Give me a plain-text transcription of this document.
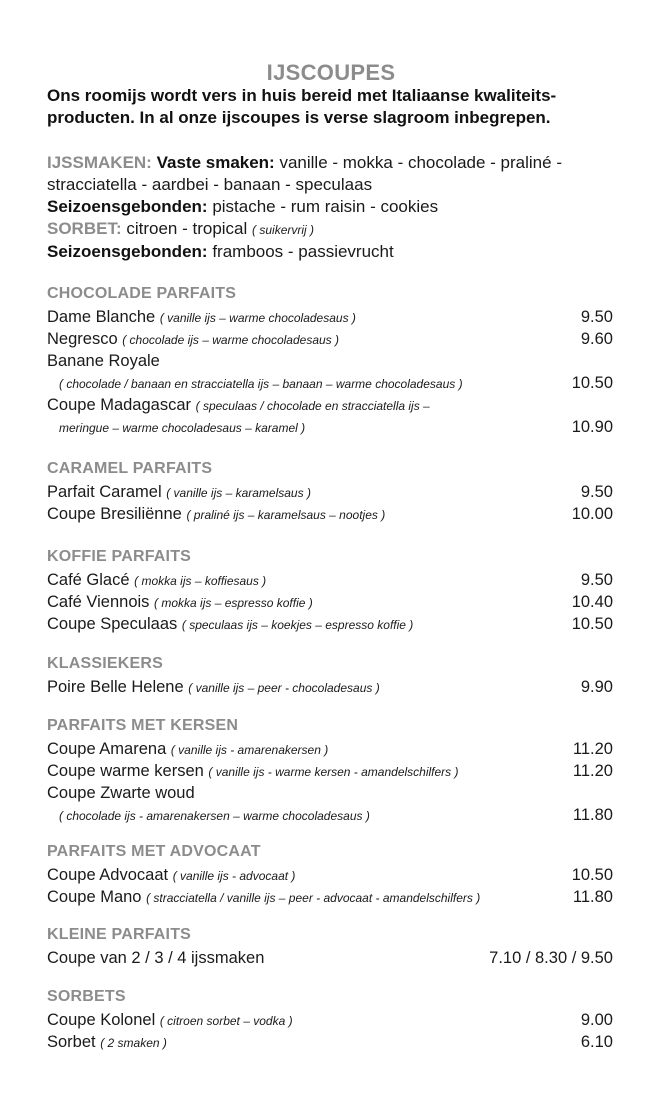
IJSCOUPES
Ons roomijs wordt vers in huis bereid met Italiaanse kwaliteits-
producten. In al onze ijscoupes is verse slagroom inbegrepen.
IJSSMAKEN: Vaste smaken: vanille - mokka - chocolade - praliné -
stracciatella - aardbei - banaan - speculaas
Seizoensgebonden: pistache - rum raisin - cookies
SORBET: citroen - tropical ( suikervrij )
Seizoensgebonden: framboos - passievrucht
CHOCOLADE PARFAITS
Dame Blanche ( vanille ijs – warme chocoladesaus )	9.50
Negresco ( chocolade ijs – warme chocoladesaus )	9.60
Banane Royale
( chocolade / banaan en stracciatella ijs – banaan – warme chocoladesaus )	10.50
Coupe Madagascar ( speculaas / chocolade en stracciatella ijs –
meringue – warme chocoladesaus – karamel )	10.90
CARAMEL PARFAITS
Parfait Caramel ( vanille ijs – karamelsaus )	9.50
Coupe Bresiliënne ( praliné ijs – karamelsaus – nootjes )	10.00
KOFFIE PARFAITS
Café Glacé ( mokka ijs – koffiesaus )	9.50
Café Viennois ( mokka ijs – espresso koffie )	10.40
Coupe Speculaas ( speculaas ijs – koekjes – espresso koffie )	10.50
KLASSIEKERS
Poire Belle Helene ( vanille ijs – peer - chocoladesaus )	9.90
PARFAITS MET KERSEN
Coupe Amarena ( vanille ijs - amarenakersen )	11.20
Coupe warme kersen ( vanille ijs - warme kersen - amandelschilfers )	11.20
Coupe Zwarte woud
( chocolade ijs - amarenakersen – warme chocoladesaus )	11.80
PARFAITS MET ADVOCAAT
Coupe Advocaat ( vanille ijs - advocaat )	10.50
Coupe Mano ( stracciatella / vanille ijs – peer - advocaat - amandelschilfers )	11.80
KLEINE PARFAITS
Coupe van 2 / 3 / 4 ijssmaken	7.10 / 8.30 / 9.50
SORBETS
Coupe Kolonel ( citroen sorbet – vodka )	9.00
Sorbet ( 2 smaken )	6.10
